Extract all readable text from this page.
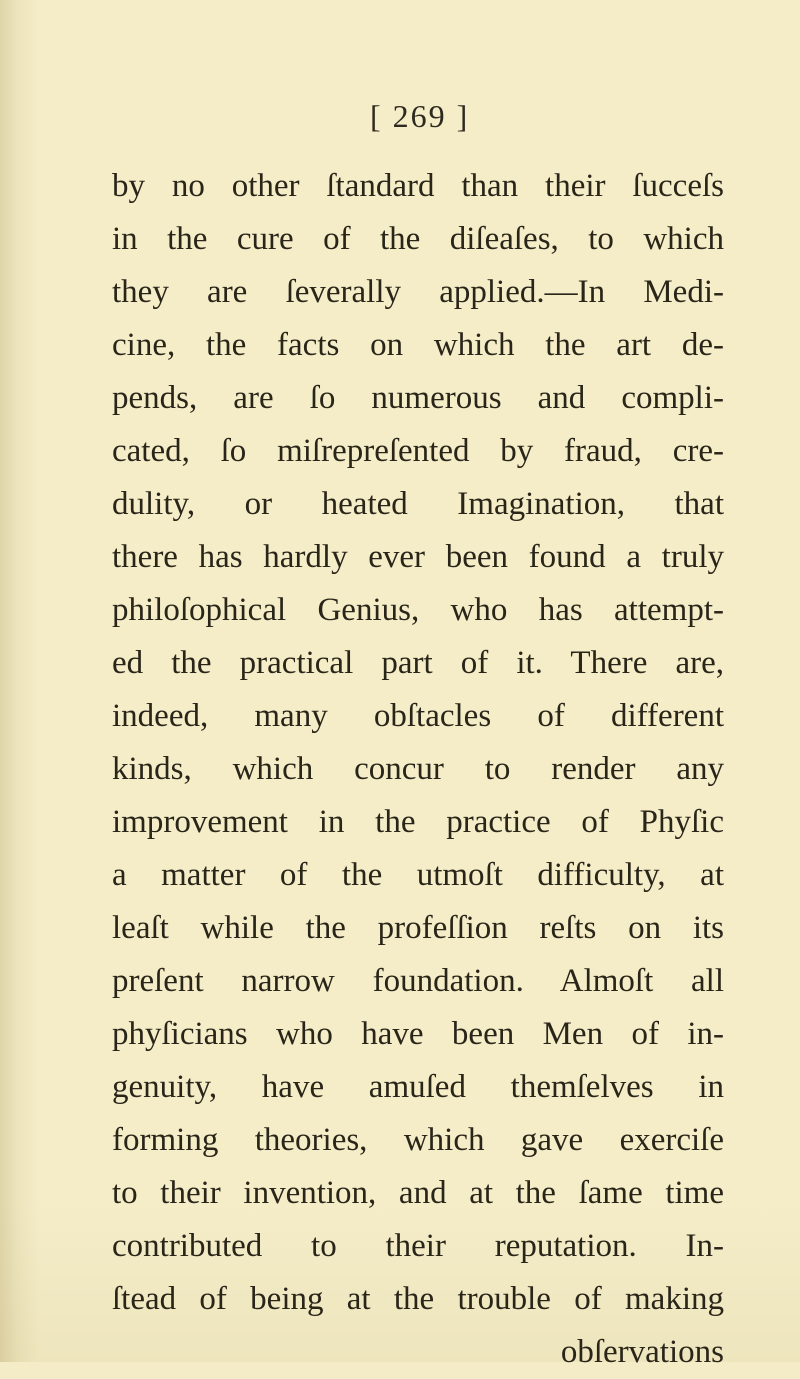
[ 269 ]
by no other ſtandard than their ſucceſs
in the cure of the diſeaſes, to which
they are ſeverally applied.—In Medi-
cine, the facts on which the art de-
pends, are ſo numerous and compli-
cated, ſo miſrepreſented by fraud, cre-
dulity, or heated Imagination, that
there has hardly ever been found a truly
philoſophical Genius, who has attempt-
ed the practical part of it. There are,
indeed, many obſtacles of different
kinds, which concur to render any
improvement in the practice of Phyſic
a matter of the utmoſt difficulty, at
leaſt while the profeſſion reſts on its
preſent narrow foundation. Almoſt all
phyſicians who have been Men of in-
genuity, have amuſed themſelves in
forming theories, which gave exerciſe
to their invention, and at the ſame time
contributed to their reputation. In-
ſtead of being at the trouble of making
obſervations
